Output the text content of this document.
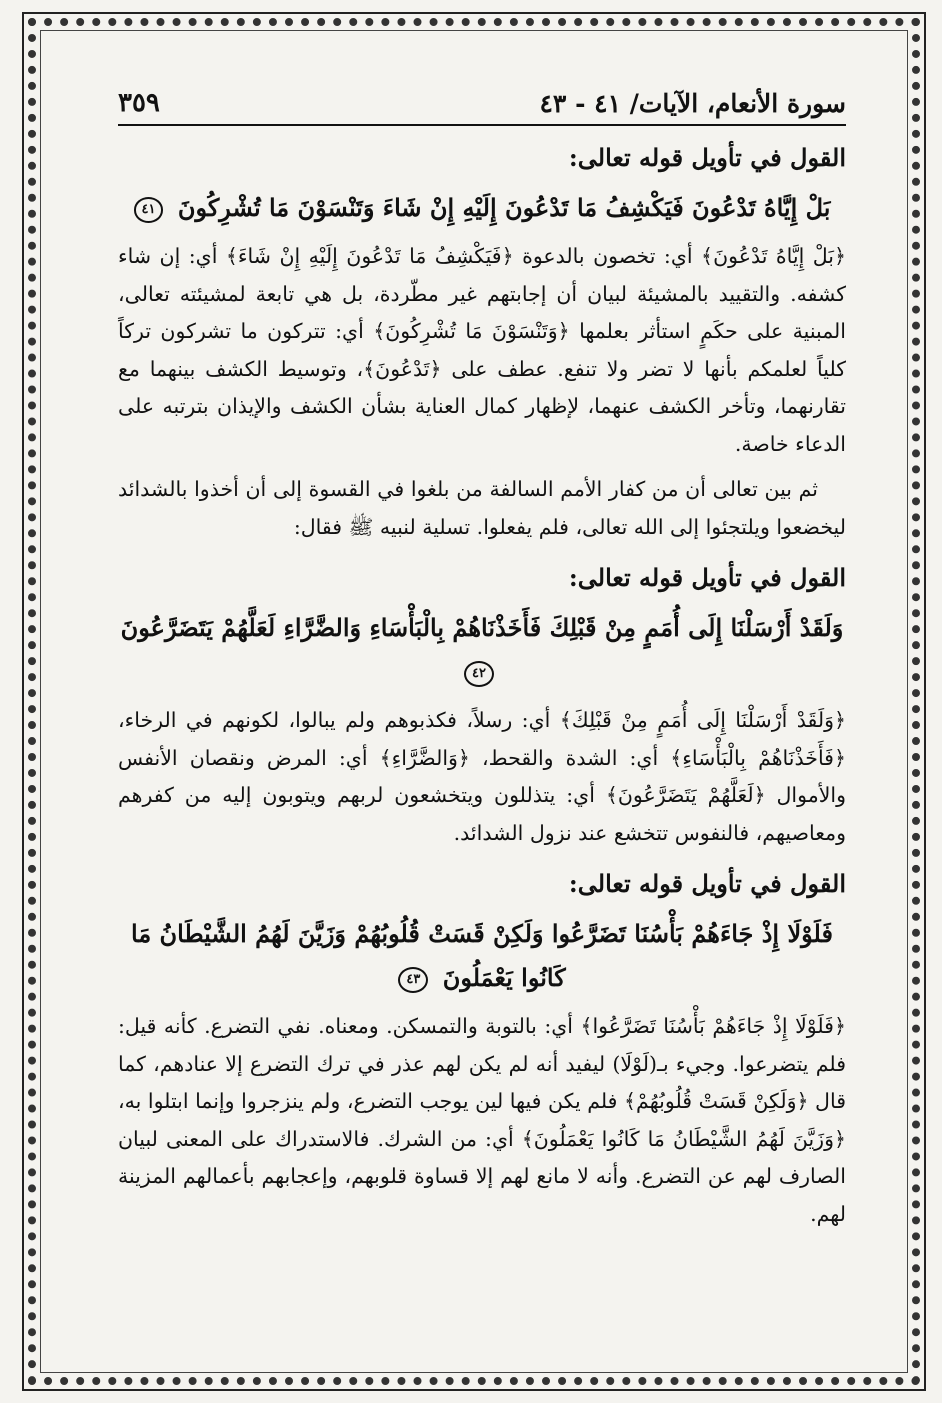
سورة الأنعام، الآيات/ ٤١ - ٤٣
٣٥٩
القول في تأويل قوله تعالى:
بَلْ إِيَّاهُ تَدْعُونَ فَيَكْشِفُ مَا تَدْعُونَ إِلَيْهِ إِنْ شَاءَ وَتَنْسَوْنَ مَا تُشْرِكُونَ ٤١

﴿بَلْ إِيَّاهُ تَدْعُونَ﴾ أي: تخصون بالدعوة ﴿فَيَكْشِفُ مَا تَدْعُونَ إِلَيْهِ إِنْ شَاءَ﴾ أي: إن شاء كشفه. والتقييد بالمشيئة لبيان أن إجابتهم غير مطّردة، بل هي تابعة لمشيئته تعالى، المبنية على حكَمٍ استأثر بعلمها ﴿وَتَنْسَوْنَ مَا تُشْرِكُونَ﴾ أي: تتركون ما تشركون تركاً كلياً لعلمكم بأنها لا تضر ولا تنفع. عطف على ﴿تَدْعُونَ﴾، وتوسيط الكشف بينهما مع تقارنهما، وتأخر الكشف عنهما، لإظهار كمال العناية بشأن الكشف والإيذان بترتبه على الدعاء خاصة.

ثم بين تعالى أن من كفار الأمم السالفة من بلغوا في القسوة إلى أن أخذوا بالشدائد ليخضعوا ويلتجئوا إلى الله تعالى، فلم يفعلوا. تسلية لنبيه ﷺ فقال:

القول في تأويل قوله تعالى:
وَلَقَدْ أَرْسَلْنَا إِلَى أُمَمٍ مِنْ قَبْلِكَ فَأَخَذْنَاهُمْ بِالْبَأْسَاءِ وَالضَّرَّاءِ لَعَلَّهُمْ يَتَضَرَّعُونَ ٤٢

﴿وَلَقَدْ أَرْسَلْنَا إِلَى أُمَمٍ مِنْ قَبْلِكَ﴾ أي: رسلاً، فكذبوهم ولم يبالوا، لكونهم في الرخاء، ﴿فَأَخَذْنَاهُمْ بِالْبَأْسَاءِ﴾ أي: الشدة والقحط، ﴿وَالضَّرَّاءِ﴾ أي: المرض ونقصان الأنفس والأموال ﴿لَعَلَّهُمْ يَتَضَرَّعُونَ﴾ أي: يتذللون ويتخشعون لربهم ويتوبون إليه من كفرهم ومعاصيهم، فالنفوس تتخشع عند نزول الشدائد.

القول في تأويل قوله تعالى:
فَلَوْلَا إِذْ جَاءَهُمْ بَأْسُنَا تَضَرَّعُوا وَلَكِنْ قَسَتْ قُلُوبُهُمْ وَزَيَّنَ لَهُمُ الشَّيْطَانُ مَا كَانُوا يَعْمَلُونَ ٤٣

﴿فَلَوْلَا إِذْ جَاءَهُمْ بَأْسُنَا تَضَرَّعُوا﴾ أي: بالتوبة والتمسكن. ومعناه. نفي التضرع. كأنه قيل: فلم يتضرعوا. وجيء بـ(لَوْلَا) ليفيد أنه لم يكن لهم عذر في ترك التضرع إلا عنادهم، كما قال ﴿وَلَكِنْ قَسَتْ قُلُوبُهُمْ﴾ فلم يكن فيها لين يوجب التضرع، ولم ينزجروا وإنما ابتلوا به، ﴿وَزَيَّنَ لَهُمُ الشَّيْطَانُ مَا كَانُوا يَعْمَلُونَ﴾ أي: من الشرك. فالاستدراك على المعنى لبيان الصارف لهم عن التضرع. وأنه لا مانع لهم إلا قساوة قلوبهم، وإعجابهم بأعمالهم المزينة لهم.
